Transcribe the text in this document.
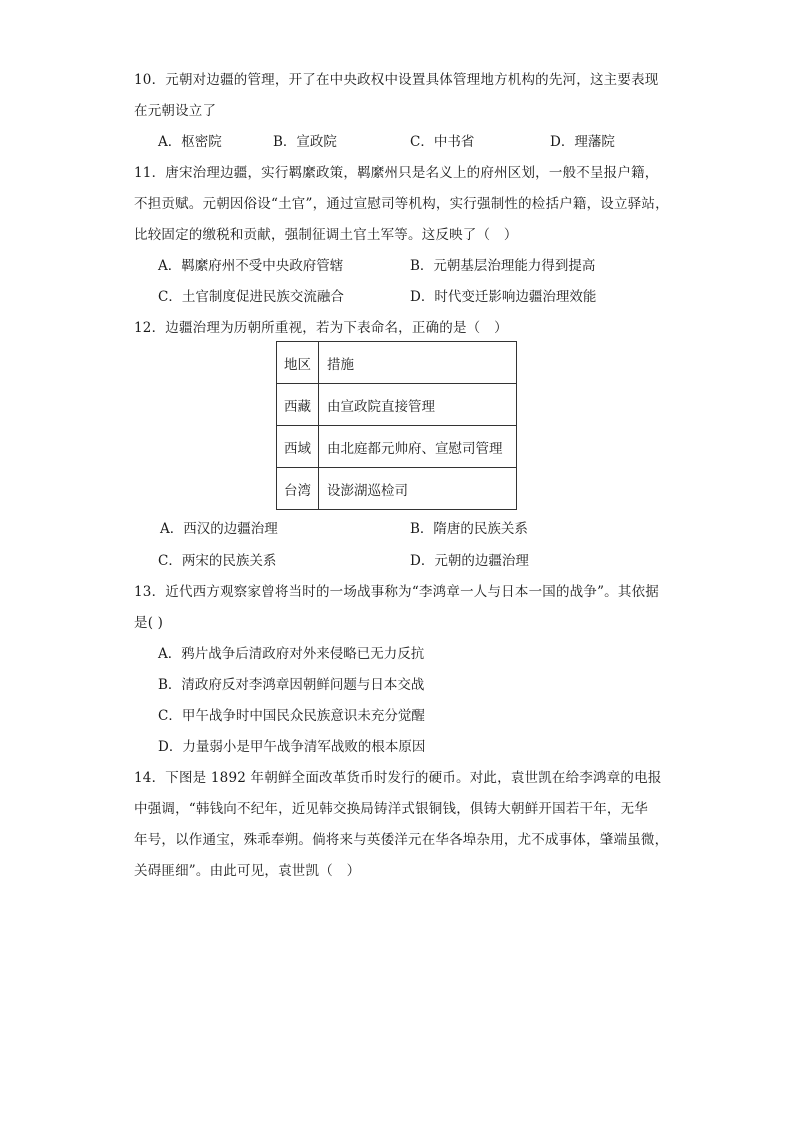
10．元朝对边疆的管理，开了在中央政权中设置具体管理地方机构的先河，这主要表现
在元朝设立了
A．枢密院	B．宣政院	C．中书省	D．理藩院
11．唐宋治理边疆，实行羁縻政策，羁縻州只是名义上的府州区划，一般不呈报户籍，
不担贡赋。元朝因俗设“土官”，通过宣慰司等机构，实行强制性的检括户籍，设立驿站，
比较固定的缴税和贡献，强制征调土官土军等。这反映了（　）
A．羁縻府州不受中央政府管辖	B．元朝基层治理能力得到提高
C．土官制度促进民族交流融合	D．时代变迁影响边疆治理效能
12．边疆治理为历朝所重视，若为下表命名，正确的是（　）
地区	措施
西藏	由宣政院直接管理
西域	由北庭都元帅府、宣慰司管理
台湾	设澎湖巡检司
A．西汉的边疆治理	B．隋唐的民族关系
C．两宋的民族关系	D．元朝的边疆治理
13．近代西方观察家曾将当时的一场战事称为“李鸿章一人与日本一国的战争”。其依据
是( )
A．鸦片战争后清政府对外来侵略已无力反抗
B．清政府反对李鸿章因朝鲜问题与日本交战
C．甲午战争时中国民众民族意识未充分觉醒
D．力量弱小是甲午战争清军战败的根本原因
14．下图是 1892 年朝鲜全面改革货币时发行的硬币。对此，袁世凯在给李鸿章的电报
中强调，“韩钱向不纪年，近见韩交换局铸洋式银铜钱，俱铸大朝鲜开国若干年，无华
年号，以作通宝，殊乖奉朔。倘将来与英倭洋元在华各埠杂用，尤不成事体，肇端虽微，
关碍匪细”。由此可见，袁世凯（　）
